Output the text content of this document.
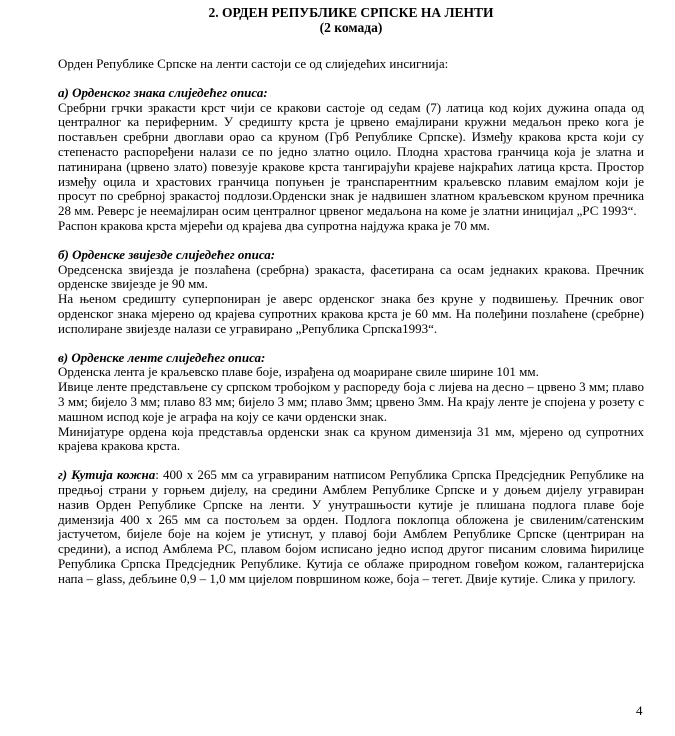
2. ОРДЕН РЕПУБЛИКЕ СРПСКЕ НА ЛЕНТИ
(2 комада)

Орден Републике Српске на ленти састоји се од слиједећих инсигнија:

а) Орденског знака слиједећег описа:

Сребрни грчки зракасти крст чији се кракови састоје од седам (7) латица код којих дужина опада од централног ка периферним. У средишту крста је црвено емајлирани кружни медаљон преко кога је постављен сребрни двоглави орао са круном (Грб Републике Српске). Између кракова крста који су степенасто распоређени налази се по једно златно оцило. Плодна храстова гранчица која је златна и патинирана (црвено злато) повезује кракове крста тангирајући крајеве најкраћих латица крста. Простор између оцила и храстових гранчица попуњен је транспарентним краљевско плавим емајлом који је просут по сребрној зракастој подлози.Орденски знак је надвишен златном краљевском круном пречника 28 мм. Реверс је неемајлиран осим централног црвеног медаљона на коме је златни иницијал „РС 1993“.

Распон кракова крста мјерећи од крајева два супротна најдужа крака је 70 мм.

б) Орденске звијезде слиједећег описа:

Оредсенска звијезда је позлаћена (сребрна) зракаста, фасетирана са осам једнаких кракова. Пречник орденске звијезде је 90 мм.

На њеном средишту суперпониран је аверс орденског знака без круне у подвишењу. Пречник овог орденског знака мјерено од крајева супротних кракова крста је 60 мм. На полеђини позлаћене (сребрне) исполиране звијезде налази се угравирано „Република Српска1993“.

в) Орденске ленте слиједећег описа:

Орденска лента је краљевско плаве боје, израђена од моариране свиле ширине 101 мм.

Ивице ленте представљене су српском тробојком у распореду боја с лијева на десно – црвено 3 мм; плаво 3 мм; бијело 3 мм; плаво 83 мм; бијело 3 мм; плаво 3мм; црвено 3мм. На крају ленте је спојена у розету с машном испод које је аграфа на коју се качи орденски знак.

Минијатуре ордена која представља орденски знак са круном димензија 31 мм, мјерено од супротних крајева кракова крста.

г) Кутија кожна: 400 х 265 мм са угравираним натписом Република Српска Предсједник Републике на предњој страни у горњем дијелу, на средини Амблем Републике Српске и у доњем дијелу угравиран назив Орден Републике Српске на ленти. У унутрашњости кутије је плишана подлога плаве боје димензија 400 х 265 мм са постољем за орден. Подлога поклопца обложена је свиленим/сатенским јастучетом, бијеле боје на којем је утиснут, у плавој боји Амблем Републике Српске (центриран на средини), а испод Амблема РС, плавом бојом исписано једно испод другог писаним словима ћирилице Република Српска Предсједник Републике. Кутија се облаже природном говеђом кожом, галантеријска напа – glass, дебљине 0,9 – 1,0 мм цијелом површином коже, боја – тегет. Двије кутије. Слика у прилогу.

4
